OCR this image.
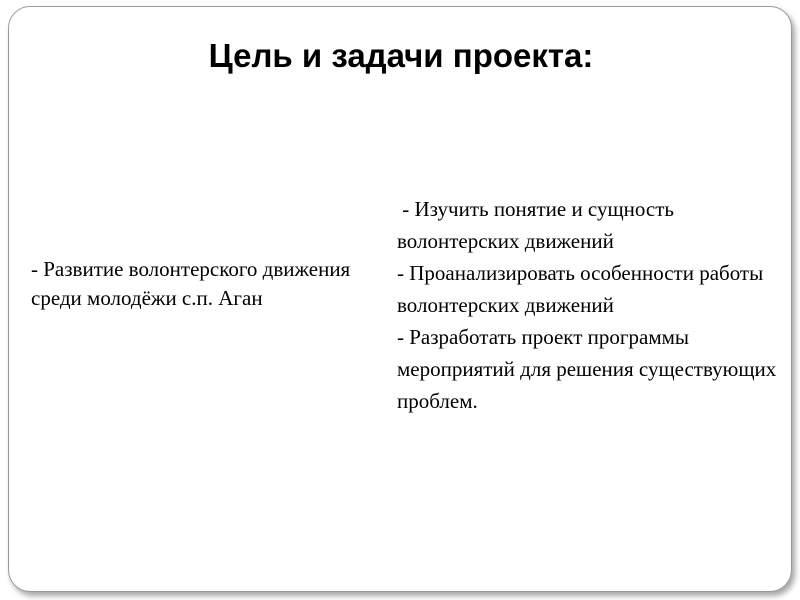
Цель и задачи проекта:

- Развитие волонтерского движения среди молодёжи с.п. Аган

- Изучить понятие и сущность волонтерских движений
- Проанализировать особенности работы волонтерских движений
- Разработать проект программы мероприятий для решения существующих проблем.
